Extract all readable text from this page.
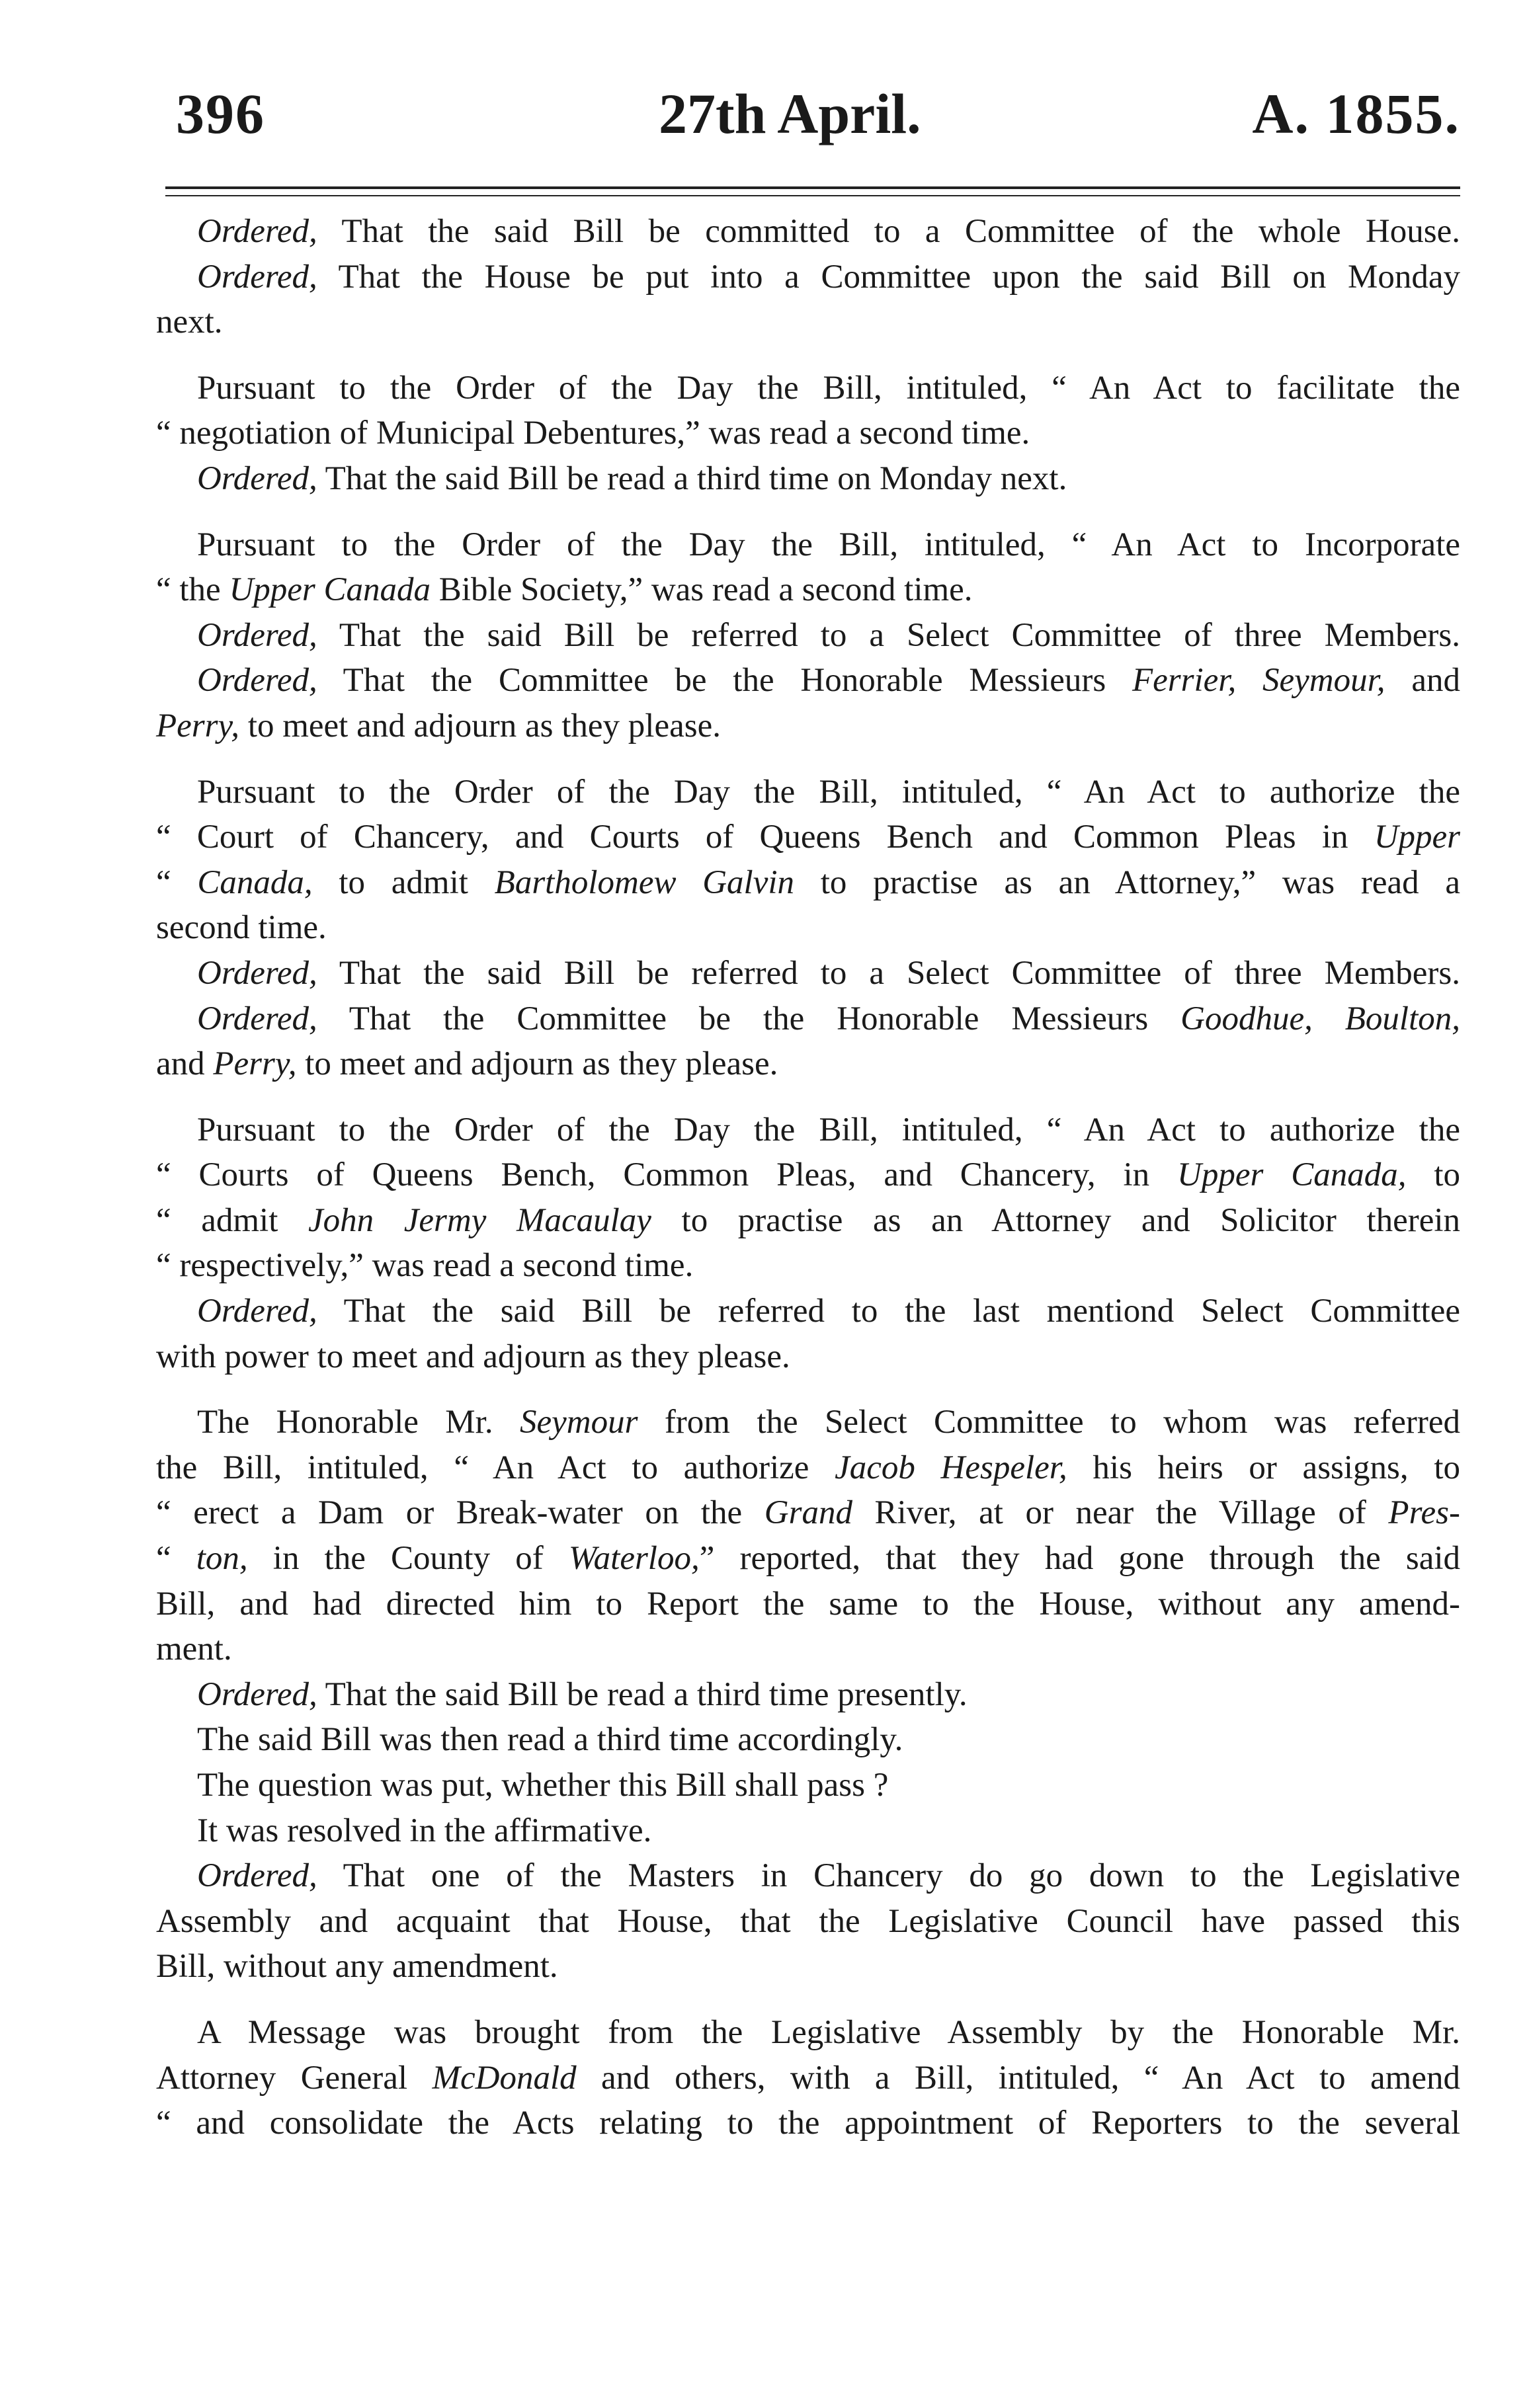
396	27th April.	A. 1855.
Ordered, That the said Bill be committed to a Committee of the whole House.
Ordered, That the House be put into a Committee upon the said Bill on Monday
next.
Pursuant to the Order of the Day the Bill, intituled, “ An Act to facilitate the
“ negotiation of Municipal Debentures,” was read a second time.
Ordered, That the said Bill be read a third time on Monday next.
Pursuant to the Order of the Day the Bill, intituled, “ An Act to Incorporate
“ the Upper Canada Bible Society,” was read a second time.
Ordered, That the said Bill be referred to a Select Committee of three Members.
Ordered, That the Committee be the Honorable Messieurs Ferrier, Seymour, and
Perry, to meet and adjourn as they please.
Pursuant to the Order of the Day the Bill, intituled, “ An Act to authorize the
“ Court of Chancery, and Courts of Queens Bench and Common Pleas in Upper
“ Canada, to admit Bartholomew Galvin to practise as an Attorney,” was read a
second time.
Ordered, That the said Bill be referred to a Select Committee of three Members.
Ordered, That the Committee be the Honorable Messieurs Goodhue, Boulton,
and Perry, to meet and adjourn as they please.
Pursuant to the Order of the Day the Bill, intituled, “ An Act to authorize the
“ Courts of Queens Bench, Common Pleas, and Chancery, in Upper Canada, to
“ admit John Jermy Macaulay to practise as an Attorney and Solicitor therein
“ respectively,” was read a second time.
Ordered, That the said Bill be referred to the last mentiond Select Committee
with power to meet and adjourn as they please.
The Honorable Mr. Seymour from the Select Committee to whom was referred
the Bill, intituled, “ An Act to authorize Jacob Hespeler, his heirs or assigns, to
“ erect a Dam or Break-water on the Grand River, at or near the Village of Pres-
“ ton, in the County of Waterloo,” reported, that they had gone through the said
Bill, and had directed him to Report the same to the House, without any amend-
ment.
Ordered, That the said Bill be read a third time presently.
The said Bill was then read a third time accordingly.
The question was put, whether this Bill shall pass ?
It was resolved in the affirmative.
Ordered, That one of the Masters in Chancery do go down to the Legislative
Assembly and acquaint that House, that the Legislative Council have passed this
Bill, without any amendment.
A Message was brought from the Legislative Assembly by the Honorable Mr.
Attorney General McDonald and others, with a Bill, intituled, “ An Act to amend
“ and consolidate the Acts relating to the appointment of Reporters to the several
